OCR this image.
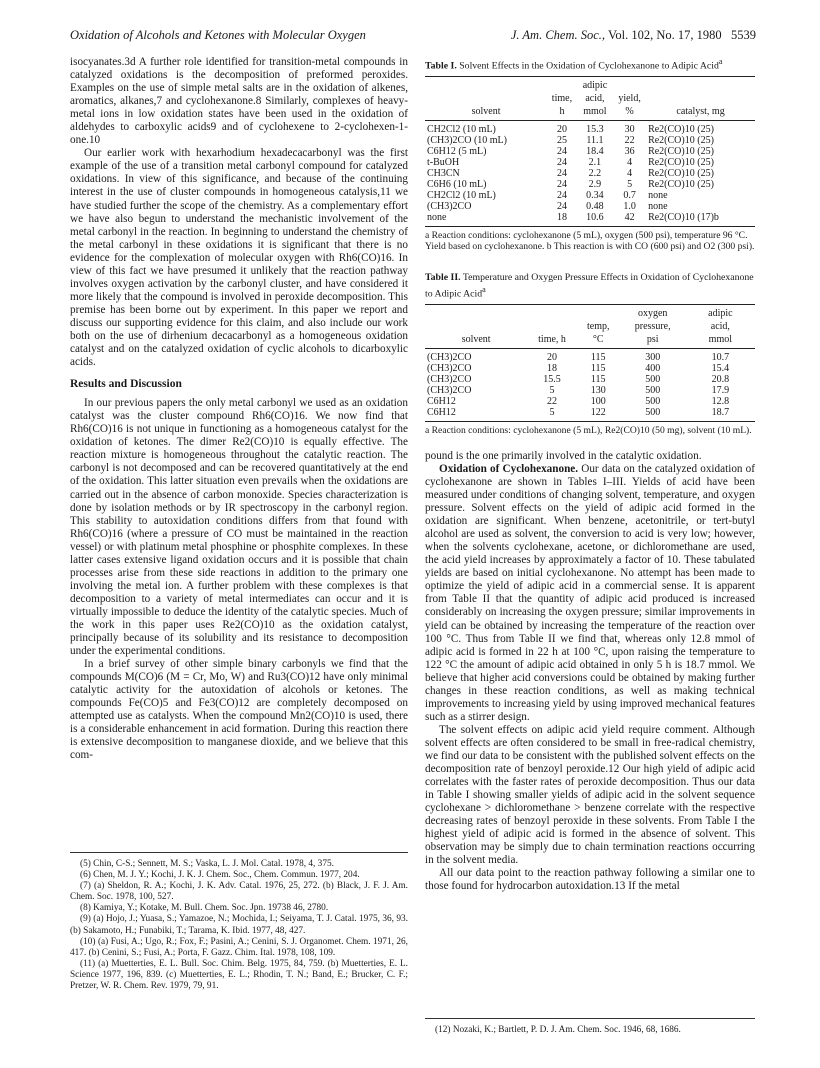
Oxidation of Alcohols and Ketones with Molecular Oxygen	J. Am. Chem. Soc., Vol. 102, No. 17, 1980 5539

isocyanates.3d A further role identified for transition-metal compounds in catalyzed oxidations is the decomposition of preformed peroxides. Examples on the use of simple metal salts are in the oxidation of alkenes, aromatics, alkanes,7 and cyclohexanone.8 Similarly, complexes of heavy-metal ions in low oxidation states have been used in the oxidation of aldehydes to carboxylic acids9 and of cyclohexene to 2-cyclohexen-1-one.10

Our earlier work with hexarhodium hexadecacarbonyl was the first example of the use of a transition metal carbonyl compound for catalyzed oxidations. In view of this significance, and because of the continuing interest in the use of cluster compounds in homogeneous catalysis,11 we have studied further the scope of the chemistry. As a complementary effort we have also begun to understand the mechanistic involvement of the metal carbonyl in the reaction. In beginning to understand the chemistry of the metal carbonyl in these oxidations it is significant that there is no evidence for the complexation of molecular oxygen with Rh6(CO)16. In view of this fact we have presumed it unlikely that the reaction pathway involves oxygen activation by the carbonyl cluster, and have considered it more likely that the compound is involved in peroxide decomposition. This premise has been borne out by experiment. In this paper we report and discuss our supporting evidence for this claim, and also include our work both on the use of dirhenium decacarbonyl as a homogeneous oxidation catalyst and on the catalyzed oxidation of cyclic alcohols to dicarboxylic acids.

Results and Discussion

In our previous papers the only metal carbonyl we used as an oxidation catalyst was the cluster compound Rh6(CO)16. We now find that Rh6(CO)16 is not unique in functioning as a homogeneous catalyst for the oxidation of ketones. The dimer Re2(CO)10 is equally effective. The reaction mixture is homogeneous throughout the catalytic reaction. The carbonyl is not decomposed and can be recovered quantitatively at the end of the oxidation. This latter situation even prevails when the oxidations are carried out in the absence of carbon monoxide. Species characterization is done by isolation methods or by IR spectroscopy in the carbonyl region. This stability to autoxidation conditions differs from that found with Rh6(CO)16 (where a pressure of CO must be maintained in the reaction vessel) or with platinum metal phosphine or phosphite complexes. In these latter cases extensive ligand oxidation occurs and it is possible that chain processes arise from these side reactions in addition to the primary one involving the metal ion. A further problem with these complexes is that decomposition to a variety of metal intermediates can occur and it is virtually impossible to deduce the identity of the catalytic species. Much of the work in this paper uses Re2(CO)10 as the oxidation catalyst, principally because of its solubility and its resistance to decomposition under the experimental conditions.

In a brief survey of other simple binary carbonyls we find that the compounds M(CO)6 (M = Cr, Mo, W) and Ru3(CO)12 have only minimal catalytic activity for the autoxidation of alcohols or ketones. The compounds Fe(CO)5 and Fe3(CO)12 are completely decomposed on attempted use as catalysts. When the compound Mn2(CO)10 is used, there is a considerable enhancement in acid formation. During this reaction there is extensive decomposition to manganese dioxide, and we believe that this com-

(5) Chin, C-S.; Sennett, M. S.; Vaska, L. J. Mol. Catal. 1978, 4, 375.

(6) Chen, M. J. Y.; Kochi, J. K. J. Chem. Soc., Chem. Commun. 1977, 204.

(7) (a) Sheldon, R. A.; Kochi, J. K. Adv. Catal. 1976, 25, 272. (b) Black, J. F. J. Am. Chem. Soc. 1978, 100, 527.

(8) Kamiya, Y.; Kotake, M. Bull. Chem. Soc. Jpn. 19738 46, 2780.

(9) (a) Hojo, J.; Yuasa, S.; Yamazoe, N.; Mochida, I.; Seiyama, T. J. Catal. 1975, 36, 93. (b) Sakamoto, H.; Funabiki, T.; Tarama, K. Ibid. 1977, 48, 427.

(10) (a) Fusi, A.; Ugo, R.; Fox, F.; Pasini, A.; Cenini, S. J. Organomet. Chem. 1971, 26, 417. (b) Cenini, S.; Fusi, A.; Porta, F. Gazz. Chim. Ital. 1978, 108, 109.

(11) (a) Muetterties, E. L. Bull. Soc. Chim. Belg. 1975, 84, 759. (b) Muetterties, E. L. Science 1977, 196, 839. (c) Muetterties, E. L.; Rhodin, T. N.; Band, E.; Brucker, C. F.; Pretzer, W. R. Chem. Rev. 1979, 79, 91.

Table I. Solvent Effects in the Oxidation of Cyclohexanone to Adipic Acid$^a$
		adipic		
	time,	acid,	yield,	
solvent	h	mmol	%	catalyst, mg
CH2Cl2 (10 mL)	20	15.3	30	Re2(CO)10 (25)
(CH3)2CO (10 mL)	25	11.1	22	Re2(CO)10 (25)
C6H12 (5 mL)	24	18.4	36	Re2(CO)10 (25)
t-BuOH	24	2.1	4	Re2(CO)10 (25)
CH3CN	24	2.2	4	Re2(CO)10 (25)
C6H6 (10 mL)	24	2.9	5	Re2(CO)10 (25)
CH2Cl2 (10 mL)	24	0.34	0.7	none
(CH3)2CO	24	0.48	1.0	none
none	18	10.6	42	Re2(CO)10 (17)b
a Reaction conditions: cyclohexanone (5 mL), oxygen (500 psi), temperature 96 °C. Yield based on cyclohexanone. b This reaction is with CO (600 psi) and O2 (300 psi).
Table II. Temperature and Oxygen Pressure Effects in Oxidation of Cyclohexanone to Adipic Acid$^a$
			oxygen	adipic
		temp,	pressure,	acid,
solvent	time, h	°C	psi	mmol
(CH3)2CO	20	115	300	10.7
(CH3)2CO	18	115	400	15.4
(CH3)2CO	15.5	115	500	20.8
(CH3)2CO	5	130	500	17.9
C6H12	22	100	500	12.8
C6H12	5	122	500	18.7
a Reaction conditions: cyclohexanone (5 mL), Re2(CO)10 (50 mg), solvent (10 mL).

pound is the one primarily involved in the catalytic oxidation.

Oxidation of Cyclohexanone. Our data on the catalyzed oxidation of cyclohexanone are shown in Tables I–III. Yields of acid have been measured under conditions of changing solvent, temperature, and oxygen pressure. Solvent effects on the yield of adipic acid formed in the oxidation are significant. When benzene, acetonitrile, or tert-butyl alcohol are used as solvent, the conversion to acid is very low; however, when the solvents cyclohexane, acetone, or dichloromethane are used, the acid yield increases by approximately a factor of 10. These tabulated yields are based on initial cyclohexanone. No attempt has been made to optimize the yield of adipic acid in a commercial sense. It is apparent from Table II that the quantity of adipic acid produced is increased considerably on increasing the oxygen pressure; similar improvements in yield can be obtained by increasing the temperature of the reaction over 100 °C. Thus from Table II we find that, whereas only 12.8 mmol of adipic acid is formed in 22 h at 100 °C, upon raising the temperature to 122 °C the amount of adipic acid obtained in only 5 h is 18.7 mmol. We believe that higher acid conversions could be obtained by making further changes in these reaction conditions, as well as making technical improvements to increasing yield by using improved mechanical features such as a stirrer design.

The solvent effects on adipic acid yield require comment. Although solvent effects are often considered to be small in free-radical chemistry, we find our data to be consistent with the published solvent effects on the decomposition rate of benzoyl peroxide.12 Our high yield of adipic acid correlates with the faster rates of peroxide decomposition. Thus our data in Table I showing smaller yields of adipic acid in the solvent sequence cyclohexane > dichloromethane > benzene correlate with the respective decreasing rates of benzoyl peroxide in these solvents. From Table I the highest yield of adipic acid is formed in the absence of solvent. This observation may be simply due to chain termination reactions occurring in the solvent media.

All our data point to the reaction pathway following a similar one to those found for hydrocarbon autoxidation.13 If the metal

(12) Nozaki, K.; Bartlett, P. D. J. Am. Chem. Soc. 1946, 68, 1686.
